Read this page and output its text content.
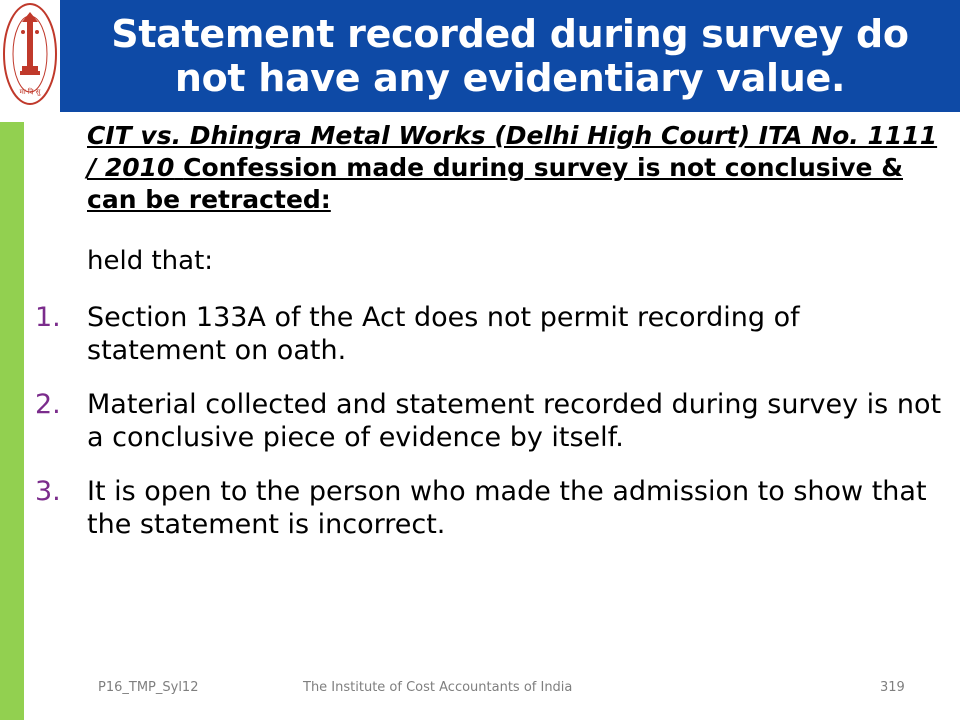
मा दि सु
Statement recorded during survey do not have any evidentiary value.

CIT vs. Dhingra Metal Works (Delhi High Court) ITA No. 1111 / 2010 Confession made during survey is not conclusive & can be retracted:

held that:

1. Section 133A of the Act does not permit recording of statement on oath.
2. Material collected and statement recorded during survey is not a conclusive piece of evidence by itself.
3. It is open to the person who made the admission to show that the statement is incorrect.
P16_TMP_Syl12	The Institute of Cost Accountants of India	319
